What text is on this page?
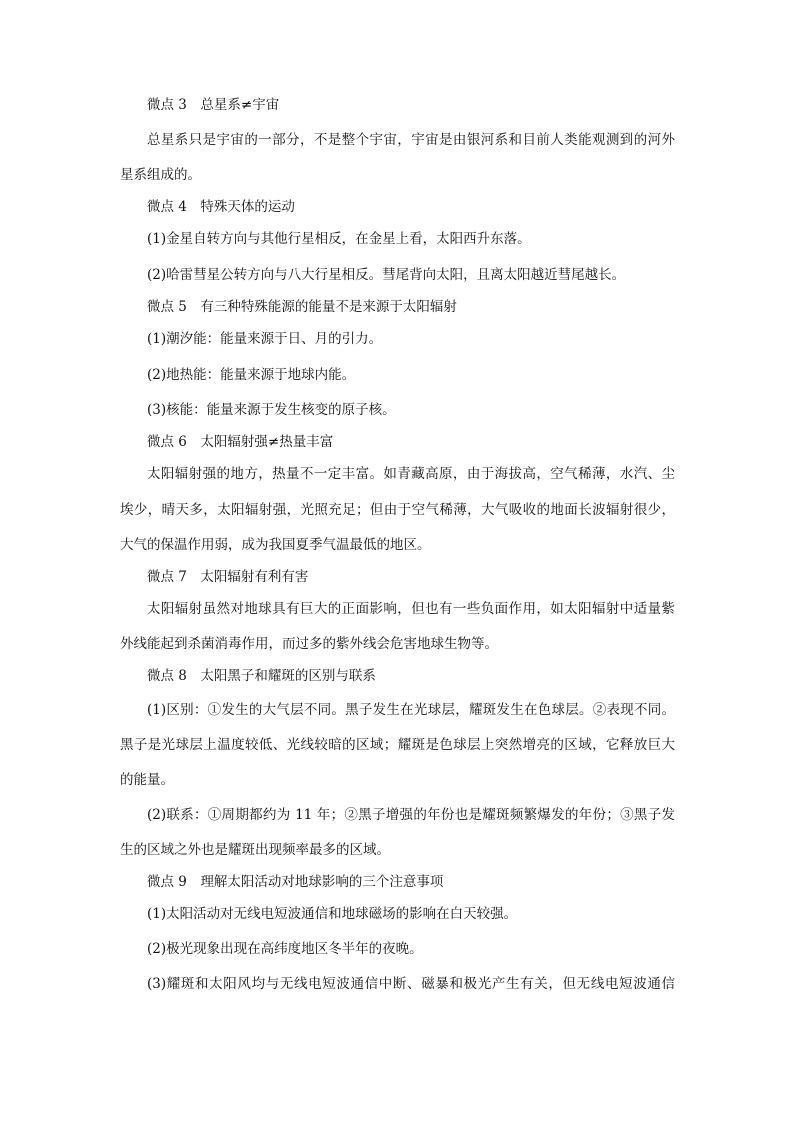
微点 3　总星系≠宇宙
总星系只是宇宙的一部分，不是整个宇宙，宇宙是由银河系和目前人类能观测到的河外
星系组成的。
微点 4　特殊天体的运动
(1)金星自转方向与其他行星相反，在金星上看，太阳西升东落。
(2)哈雷彗星公转方向与八大行星相反。彗尾背向太阳，且离太阳越近彗尾越长。
微点 5　有三种特殊能源的能量不是来源于太阳辐射
(1)潮汐能：能量来源于日、月的引力。
(2)地热能：能量来源于地球内能。
(3)核能：能量来源于发生核变的原子核。
微点 6　太阳辐射强≠热量丰富
太阳辐射强的地方，热量不一定丰富。如青藏高原，由于海拔高，空气稀薄，水汽、尘
埃少，晴天多，太阳辐射强，光照充足；但由于空气稀薄，大气吸收的地面长波辐射很少，
大气的保温作用弱，成为我国夏季气温最低的地区。
微点 7　太阳辐射有利有害
太阳辐射虽然对地球具有巨大的正面影响，但也有一些负面作用，如太阳辐射中适量紫
外线能起到杀菌消毒作用，而过多的紫外线会危害地球生物等。
微点 8　太阳黑子和耀斑的区别与联系
(1)区别：①发生的大气层不同。黑子发生在光球层，耀斑发生在色球层。②表现不同。
黑子是光球层上温度较低、光线较暗的区域；耀斑是色球层上突然增亮的区域，它释放巨大
的能量。
(2)联系：①周期都约为 11 年；②黑子增强的年份也是耀斑频繁爆发的年份；③黑子发
生的区域之外也是耀斑出现频率最多的区域。
微点 9　理解太阳活动对地球影响的三个注意事项
(1)太阳活动对无线电短波通信和地球磁场的影响在白天较强。
(2)极光现象出现在高纬度地区冬半年的夜晚。
(3)耀斑和太阳风均与无线电短波通信中断、磁暴和极光产生有关，但无线电短波通信
